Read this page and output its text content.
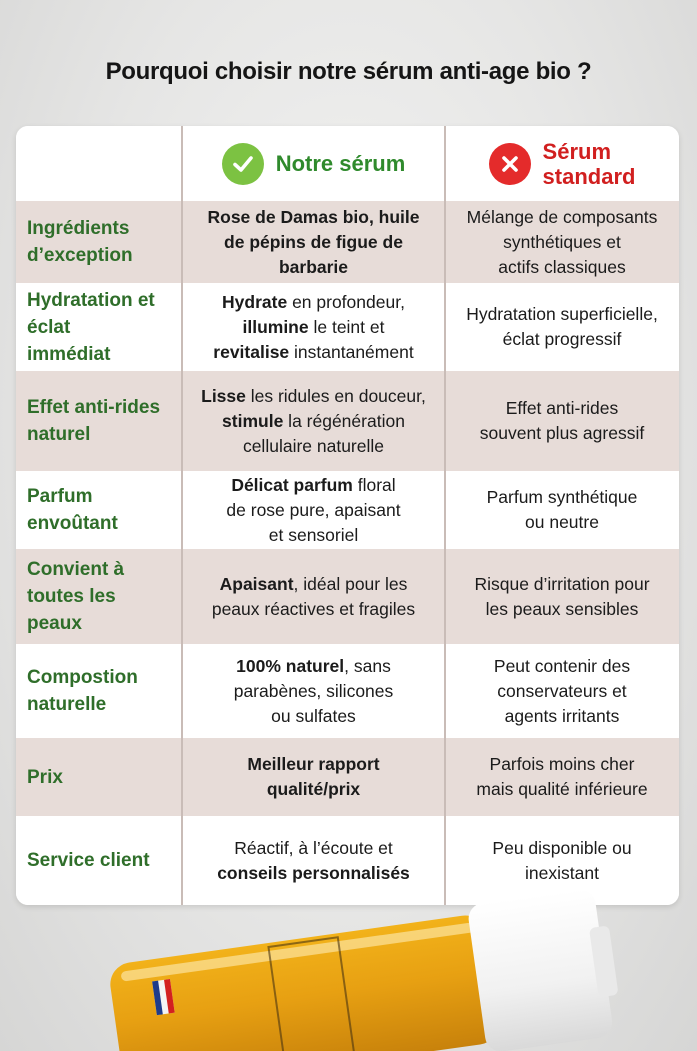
Pourquoi choisir notre sérum anti-age bio ?
Notre sérum	Sérum
standard
Ingrédients
d’exception
Rose de Damas bio, huile
de pépins de figue de
barbarie
Mélange de composants
synthétiques et
actifs classiques
Hydratation et
éclat
immédiat
Hydrate en profondeur,
illumine le teint et
revitalise instantanément
Hydratation superficielle,
éclat progressif
Effet anti-rides
naturel
Lisse les ridules en douceur,
stimule la régénération
cellulaire naturelle
Effet anti-rides
souvent plus agressif
Parfum
envoûtant
Délicat parfum floral
de rose pure, apaisant
et sensoriel
Parfum synthétique
ou neutre
Convient à
toutes les
peaux
Apaisant, idéal pour les
peaux réactives et fragiles
Risque d’irritation pour
les peaux sensibles
Compostion
naturelle
100% naturel, sans
parabènes, silicones
ou sulfates
Peut contenir des
conservateurs et
agents irritants
Prix
Meilleur rapport
qualité/prix
Parfois moins cher
mais qualité inférieure
Service client
Réactif, à l’écoute et
conseils personnalisés
Peu disponible ou
inexistant
